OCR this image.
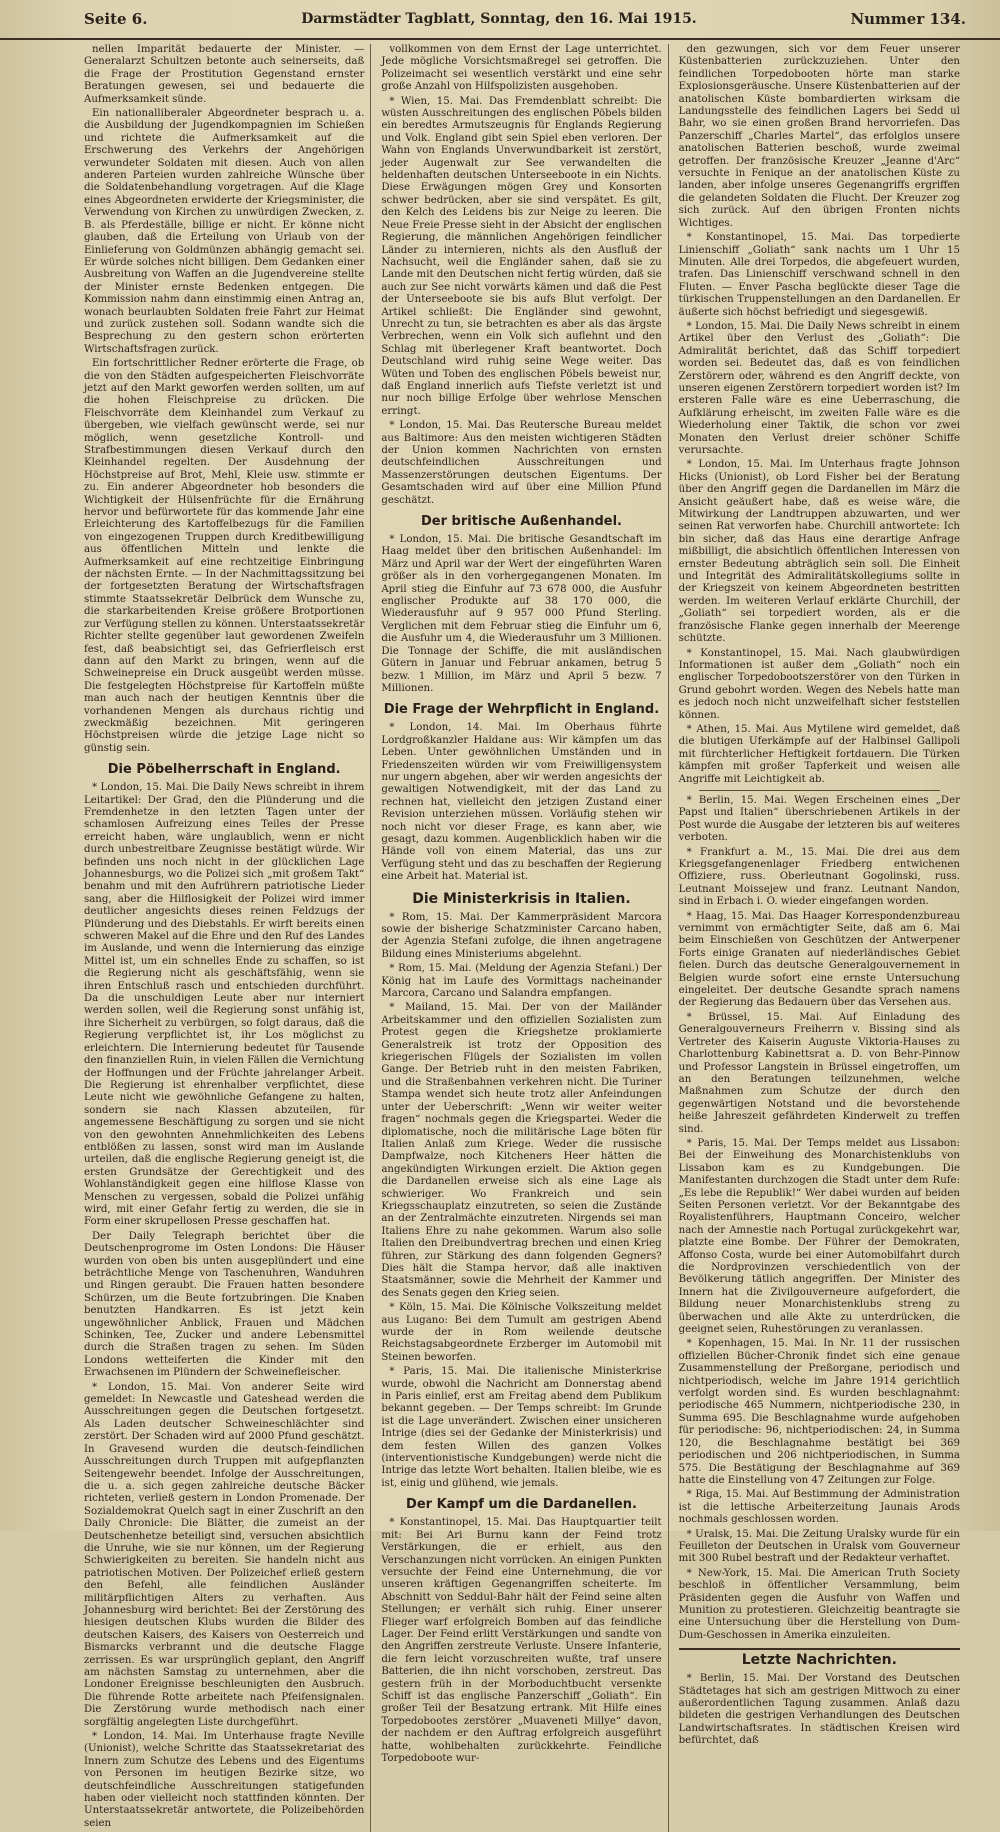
Seite 6.	Darmstädter Tagblatt, Sonntag, den 16. Mai 1915.	Nummer 134.

nellen Imparität bedauerte der Minister. — Generalarzt Schultzen betonte auch seinerseits, daß die Frage der Prostitution Gegenstand ernster Beratungen gewesen, sei und bedauerte die Aufmerksamkeit sünde.

Ein nationalliberaler Abgeordneter besprach u. a. die Ausbildung der Jugendkompagnien im Schießen und richtete die Aufmerksamkeit auf die Erschwerung des Verkehrs der Angehörigen verwundeter Soldaten mit diesen. Auch von allen anderen Parteien wurden zahlreiche Wünsche über die Soldatenbehandlung vorgetragen. Auf die Klage eines Abgeordneten erwiderte der Kriegsminister, die Verwendung von Kirchen zu unwürdigen Zwecken, z. B. als Pferdeställe, billige er nicht. Er könne nicht glauben, daß die Erteilung von Urlaub von der Einlieferung von Goldmünzen abhängig gemacht sei. Er würde solches nicht billigen. Dem Gedanken einer Ausbreitung von Waffen an die Jugendvereine stellte der Minister ernste Bedenken entgegen. Die Kommission nahm dann einstimmig einen Antrag an, wonach beurlaubten Soldaten freie Fahrt zur Heimat und zurück zustehen soll. Sodann wandte sich die Besprechung zu den gestern schon erörterten Wirtschaftsfragen zurück.

Ein fortschrittlicher Redner erörterte die Frage, ob die von den Städten aufgespeicherten Fleischvorräte jetzt auf den Markt geworfen werden sollten, um auf die hohen Fleischpreise zu drücken. Die Fleischvorräte dem Kleinhandel zum Verkauf zu übergeben, wie vielfach gewünscht werde, sei nur möglich, wenn gesetzliche Kontroll- und Strafbestimmungen diesen Verkauf durch den Kleinhandel regelten. Der Ausdehnung der Höchstpreise auf Brot, Mehl, Kleie usw. stimmte er zu. Ein anderer Abgeordneter hob besonders die Wichtigkeit der Hülsenfrüchte für die Ernährung hervor und befürwortete für das kommende Jahr eine Erleichterung des Kartoffelbezugs für die Familien von eingezogenen Truppen durch Kreditbewilligung aus öffentlichen Mitteln und lenkte die Aufmerksamkeit auf eine rechtzeitige Einbringung der nächsten Ernte. — In der Nachmittagssitzung bei der fortgesetzten Beratung der Wirtschaftsfragen stimmte Staatssekretär Delbrück dem Wunsche zu, die starkarbeitenden Kreise größere Brotportionen zur Verfügung stellen zu können. Unterstaatssekretär Richter stellte gegenüber laut gewordenen Zweifeln fest, daß beabsichtigt sei, das Gefrierfleisch erst dann auf den Markt zu bringen, wenn auf die Schweinepreise ein Druck ausgeübt werden müsse. Die festgelegten Höchstpreise für Kartoffeln müßte man auch nach der heutigen Kenntnis über die vorhandenen Mengen als durchaus richtig und zweckmäßig bezeichnen. Mit geringeren Höchstpreisen würde die jetzige Lage nicht so günstig sein.

Die Pöbelherrschaft in England.

* London, 15. Mai. Die Daily News schreibt in ihrem Leitartikel: Der Grad, den die Plünderung und die Fremdenhetze in den letzten Tagen unter der schamlosen Aufreizung eines Teiles der Presse erreicht haben, wäre unglaublich, wenn er nicht durch unbestreitbare Zeugnisse bestätigt würde. Wir befinden uns noch nicht in der glücklichen Lage Johannesburgs, wo die Polizei sich „mit großem Takt“ benahm und mit den Aufrührern patriotische Lieder sang, aber die Hilflosigkeit der Polizei wird immer deutlicher angesichts dieses reinen Feldzugs der Plünderung und des Diebstahls. Er wirft bereits einen schweren Makel auf die Ehre und den Ruf des Landes im Auslande, und wenn die Internierung das einzige Mittel ist, um ein schnelles Ende zu schaffen, so ist die Regierung nicht als geschäftsfähig, wenn sie ihren Entschluß rasch und entschieden durchführt. Da die unschuldigen Leute aber nur interniert werden sollen, weil die Regierung sonst unfähig ist, ihre Sicherheit zu verbürgen, so folgt daraus, daß die Regierung verpflichtet ist, ihr Los möglichst zu erleichtern. Die Internierung bedeutet für Tausende den finanziellen Ruin, in vielen Fällen die Vernichtung der Hoffnungen und der Früchte jahrelanger Arbeit. Die Regierung ist ehrenhalber verpflichtet, diese Leute nicht wie gewöhnliche Gefangene zu halten, sondern sie nach Klassen abzuteilen, für angemessene Beschäftigung zu sorgen und sie nicht von den gewohnten Annehmlichkeiten des Lebens entblößen zu lassen, sonst wird man im Auslande urteilen, daß die englische Regierung geneigt ist, die ersten Grundsätze der Gerechtigkeit und des Wohlanständigkeit gegen eine hilflose Klasse von Menschen zu vergessen, sobald die Polizei unfähig wird, mit einer Gefahr fertig zu werden, die sie in Form einer skrupellosen Presse geschaffen hat.

Der Daily Telegraph berichtet über die Deutschenprogrome im Osten Londons: Die Häuser wurden von oben bis unten ausgeplündert und eine beträchtliche Menge von Taschenuhren, Wanduhren und Ringen geraubt. Die Frauen hatten besondere Schürzen, um die Beute fortzubringen. Die Knaben benutzten Handkarren. Es ist jetzt kein ungewöhnlicher Anblick, Frauen und Mädchen Schinken, Tee, Zucker und andere Lebensmittel durch die Straßen tragen zu sehen. Im Süden Londons wetteiferten die Kinder mit den Erwachsenen im Plündern der Schweinefleischer.

* London, 15. Mai. Von anderer Seite wird gemeldet: In Newcastle und Gateshead werden die Ausschreitungen gegen die Deutschen fortgesetzt. Als Laden deutscher Schweineschlächter sind zerstört. Der Schaden wird auf 2000 Pfund geschätzt. In Gravesend wurden die deutsch-feindlichen Ausschreitungen durch Truppen mit aufgepflanzten Seitengewehr beendet. Infolge der Ausschreitungen, die u. a. sich gegen zahlreiche deutsche Bäcker richteten, verließ gestern in London Promenade. Der Sozialdemokrat Quelch sagt in einer Zuschrift an den Daily Chronicle: Die Blätter, die zumeist an der Deutschenhetze beteiligt sind, versuchen absichtlich die Unruhe, wie sie nur können, um der Regierung Schwierigkeiten zu bereiten. Sie handeln nicht aus patriotischen Motiven. Der Polizeichef erließ gestern den Befehl, alle feindlichen Ausländer militärpflichtigen Alters zu verhaften. Aus Johannesburg wird berichtet: Bei der Zerstörung des hiesigen deutschen Klubs wurden die Bilder des deutschen Kaisers, des Kaisers von Oesterreich und Bismarcks verbrannt und die deutsche Flagge zerrissen. Es war ursprünglich geplant, den Angriff am nächsten Samstag zu unternehmen, aber die Londoner Ereignisse beschleunigten den Ausbruch. Die führende Rotte arbeitete nach Pfeifensignalen. Die Zerstörung wurde methodisch nach einer sorgfältig angelegten Liste durchgeführt.

* London, 14. Mai. Im Unterhause fragte Neville (Unionist), welche Schritte das Staatssekretariat des Innern zum Schutze des Lebens und des Eigentums von Personen im heutigen Bezirke sitze, wo deutschfeindliche Ausschreitungen statigefunden haben oder vielleicht noch stattfinden könnten. Der Unterstaatssekretär antwortete, die Polizeibehörden seien

vollkommen von dem Ernst der Lage unterrichtet. Jede mögliche Vorsichtsmaßregel sei getroffen. Die Polizeimacht sei wesentlich verstärkt und eine sehr große Anzahl von Hilfspolizisten ausgehoben.

* Wien, 15. Mai. Das Fremdenblatt schreibt: Die wüsten Ausschreitungen des englischen Pöbels bilden ein beredtes Armutszeugnis für Englands Regierung und Volk. England gibt sein Spiel eben verloren. Der Wahn von Englands Unverwundbarkeit ist zerstört, jeder Augenwalt zur See verwandelten die heldenhaften deutschen Unterseeboote in ein Nichts. Diese Erwägungen mögen Grey und Konsorten schwer bedrücken, aber sie sind verspätet. Es gilt, den Kelch des Leidens bis zur Neige zu leeren. Die Neue Freie Presse sieht in der Absicht der englischen Regierung, die männlichen Angehörigen feindlicher Länder zu internieren, nichts als den Ausfluß der Nachsucht, weil die Engländer sahen, daß sie zu Lande mit den Deutschen nicht fertig würden, daß sie auch zur See nicht vorwärts kämen und daß die Pest der Unterseeboote sie bis aufs Blut verfolgt. Der Artikel schließt: Die Engländer sind gewohnt, Unrecht zu tun, sie betrachten es aber als das ärgste Verbrechen, wenn ein Volk sich auflehnt und den Schlag mit überlegener Kraft beantwortet. Doch Deutschland wird ruhig seine Wege weiter. Das Wüten und Toben des englischen Pöbels beweist nur, daß England innerlich aufs Tiefste verletzt ist und nur noch billige Erfolge über wehrlose Menschen erringt.

* London, 15. Mai. Das Reutersche Bureau meldet aus Baltimore: Aus den meisten wichtigeren Städten der Union kommen Nachrichten von ernsten deutschfeindlichen Ausschreitungen und Massenzerstörungen deutschen Eigentums. Der Gesamtschaden wird auf über eine Million Pfund geschätzt.

Der britische Außenhandel.

* London, 15. Mai. Die britische Gesandtschaft im Haag meldet über den britischen Außenhandel: Im März und April war der Wert der eingeführten Waren größer als in den vorhergegangenen Monaten. Im April stieg die Einfuhr auf 73 678 000, die Ausfuhr englischer Produkte auf 38 170 000, die Wiederausfuhr auf 9 957 000 Pfund Sterling. Verglichen mit dem Februar stieg die Einfuhr um 6, die Ausfuhr um 4, die Wiederausfuhr um 3 Millionen. Die Tonnage der Schiffe, die mit ausländischen Gütern in Januar und Februar ankamen, betrug 5 bezw. 1 Million, im März und April 5 bezw. 7 Millionen.

Die Frage der Wehrpflicht in England.

* London, 14. Mai. Im Oberhaus führte Lordgroßkanzler Haldane aus: Wir kämpfen um das Leben. Unter gewöhnlichen Umständen und in Friedenszeiten würden wir vom Freiwilligensystem nur ungern abgehen, aber wir werden angesichts der gewaltigen Notwendigkeit, mit der das Land zu rechnen hat, vielleicht den jetzigen Zustand einer Revision unterziehen müssen. Vorläufig stehen wir noch nicht vor dieser Frage, es kann aber, wie gesagt, dazu kommen. Augenblicklich haben wir die Hände voll von einem Material, das uns zur Verfügung steht und das zu beschaffen der Regierung eine Arbeit hat. Material ist.

Die Ministerkrisis in Italien.

* Rom, 15. Mai. Der Kammerpräsident Marcora sowie der bisherige Schatzminister Carcano haben, der Agenzia Stefani zufolge, die ihnen angetragene Bildung eines Ministeriums abgelehnt.

* Rom, 15. Mai. (Meldung der Agenzia Stefani.) Der König hat im Laufe des Vormittags nacheinander Marcora, Carcano und Salandra empfangen.

* Mailand, 15. Mai. Der von der Mailänder Arbeitskammer und den offiziellen Sozialisten zum Protest gegen die Kriegshetze proklamierte Generalstreik ist trotz der Opposition des kriegerischen Flügels der Sozialisten im vollen Gange. Der Betrieb ruht in den meisten Fabriken, und die Straßenbahnen verkehren nicht. Die Turiner Stampa wendet sich heute trotz aller Anfeindungen unter der Ueberschrift: „Wenn wir weiter weiter fragen“ nochmals gegen die Kriegspartei. Weder die diplomatische, noch die militärische Lage böten für Italien Anlaß zum Kriege. Weder die russische Dampfwalze, noch Kitcheners Heer hätten die angekündigten Wirkungen erzielt. Die Aktion gegen die Dardanellen erweise sich als eine Lage als schwieriger. Wo Frankreich und sein Kriegsschauplatz einzutreten, so seien die Zustände an der Zentralmächte einzutreten. Nirgends sei man Italiens Ehre zu nahe gekommen. Warum also solle Italien den Dreibundvertrag brechen und einen Krieg führen, zur Stärkung des dann folgenden Gegners? Dies hält die Stampa hervor, daß alle inaktiven Staatsmänner, sowie die Mehrheit der Kammer und des Senats gegen den Krieg seien.

* Köln, 15. Mai. Die Kölnische Volkszeitung meldet aus Lugano: Bei dem Tumult am gestrigen Abend wurde der in Rom weilende deutsche Reichstagsabgeordnete Erzberger im Automobil mit Steinen beworfen.

* Paris, 15. Mai. Die italienische Ministerkrise wurde, obwohl die Nachricht am Donnerstag abend in Paris einlief, erst am Freitag abend dem Publikum bekannt gegeben. — Der Temps schreibt: Im Grunde ist die Lage unverändert. Zwischen einer unsicheren Intrige (dies sei der Gedanke der Ministerkrisis) und dem festen Willen des ganzen Volkes (interventionistische Kundgebungen) werde nicht die Intrige das letzte Wort behalten. Italien bleibe, wie es ist, einig und glühend, wie jemals.

Der Kampf um die Dardanellen.

* Konstantinopel, 15. Mai. Das Hauptquartier teilt mit: Bei Ari Burnu kann der Feind trotz Verstärkungen, die er erhielt, aus den Verschanzungen nicht vorrücken. An einigen Punkten versuchte der Feind eine Unternehmung, die vor unseren kräftigen Gegenangriffen scheiterte. Im Abschnitt von Seddul-Bahr hält der Feind seine alten Stellungen; er verhält sich ruhig. Einer unserer Flieger warf erfolgreich Bomben auf das feindliche Lager. Der Feind erlitt Verstärkungen und sandte von den Angriffen zerstreute Verluste. Unsere Infanterie, die fern leicht vorzuschreiten wußte, traf unsere Batterien, die ihn nicht vorschoben, zerstreut. Das gestern früh in der Morboduchtbucht versenkte Schiff ist das englische Panzerschiff „Goliath“. Ein großer Teil der Besatzung ertrank. Mit Hilfe eines Torpedobootes zerstörer „Muaveneti Millye“ davon, der nachdem er den Auftrag erfolgreich ausgeführt hatte, wohlbehalten zurückkehrte. Feindliche Torpedoboote wur-

den gezwungen, sich vor dem Feuer unserer Küstenbatterien zurückzuziehen. Unter den feindlichen Torpedobooten hörte man starke Explosionsgeräusche. Unsere Küstenbatterien auf der anatolischen Küste bombardierten wirksam die Landungsstelle des feindlichen Lagers bei Sedd ul Bahr, wo sie einen großen Brand hervorriefen. Das Panzerschiff „Charles Martel“, das erfolglos unsere anatolischen Batterien beschoß, wurde zweimal getroffen. Der französische Kreuzer „Jeanne d'Arc“ versuchte in Fenique an der anatolischen Küste zu landen, aber infolge unseres Gegenangriffs ergriffen die gelandeten Soldaten die Flucht. Der Kreuzer zog sich zurück. Auf den übrigen Fronten nichts Wichtiges.

* Konstantinopel, 15. Mai. Das torpedierte Linienschiff „Goliath“ sank nachts um 1 Uhr 15 Minuten. Alle drei Torpedos, die abgefeuert wurden, trafen. Das Linienschiff verschwand schnell in den Fluten. — Enver Pascha beglückte dieser Tage die türkischen Truppenstellungen an den Dardanellen. Er äußerte sich höchst befriedigt und siegesgewiß.

* London, 15. Mai. Die Daily News schreibt in einem Artikel über den Verlust des „Goliath“: Die Admiralität berichtet, daß das Schiff torpediert worden sei. Bedeutet das, daß es von feindlichen Zerstörern oder, während es den Angriff deckte, von unseren eigenen Zerstörern torpediert worden ist? Im ersteren Falle wäre es eine Ueberraschung, die Aufklärung erheischt, im zweiten Falle wäre es die Wiederholung einer Taktik, die schon vor zwei Monaten den Verlust dreier schöner Schiffe verursachte.

* London, 15. Mai. Im Unterhaus fragte Johnson Hicks (Unionist), ob Lord Fisher bei der Beratung über den Angriff gegen die Dardanellen im März die Ansicht geäußert habe, daß es weise wäre, die Mitwirkung der Landtruppen abzuwarten, und wer seinen Rat verworfen habe. Churchill antwortete: Ich bin sicher, daß das Haus eine derartige Anfrage mißbilligt, die absichtlich öffentlichen Interessen von ernster Bedeutung abträglich sein soll. Die Einheit und Integrität des Admiralitätskollegiums sollte in der Kriegszeit von keinem Abgeordneten bestritten werden. Im weiteren Verlauf erklärte Churchill, der „Goliath“ sei torpediert worden, als er die französische Flanke gegen innerhalb der Meerenge schützte.

* Konstantinopel, 15. Mai. Nach glaubwürdigen Informationen ist außer dem „Goliath“ noch ein englischer Torpedobootszerstörer von den Türken in Grund gebohrt worden. Wegen des Nebels hatte man es jedoch noch nicht unzweifelhaft sicher feststellen können.

* Athen, 15. Mai. Aus Mytilene wird gemeldet, daß die blutigen Uferkämpfe auf der Halbinsel Gallipoli mit fürchterlicher Heftigkeit fortdauern. Die Türken kämpfen mit großer Tapferkeit und weisen alle Angriffe mit Leichtigkeit ab.

* Berlin, 15. Mai. Wegen Erscheinen eines „Der Papst und Italien“ überschriebenen Artikels in der Post wurde die Ausgabe der letzteren bis auf weiteres verboten.

* Frankfurt a. M., 15. Mai. Die drei aus dem Kriegsgefangenenlager Friedberg entwichenen Offiziere, russ. Oberleutnant Gogolinski, russ. Leutnant Moissejew und franz. Leutnant Nandon, sind in Erbach i. O. wieder eingefangen worden.

* Haag, 15. Mai. Das Haager Korrespondenzbureau vernimmt von ermächtigter Seite, daß am 6. Mai beim Einschießen von Geschützen der Antwerpener Forts einige Granaten auf niederländisches Gebiet fielen. Durch das deutsche Generalgouvernement in Belgien wurde sofort eine ernste Untersuchung eingeleitet. Der deutsche Gesandte sprach namens der Regierung das Bedauern über das Versehen aus.

* Brüssel, 15. Mai. Auf Einladung des Generalgouverneurs Freiherrn v. Bissing sind als Vertreter des Kaiserin Auguste Viktoria-Hauses zu Charlottenburg Kabinettsrat a. D. von Behr-Pinnow und Professor Langstein in Brüssel eingetroffen, um an den Beratungen teilzunehmen, welche Maßnahmen zum Schutze der durch den gegenwärtigen Notstand und die bevorstehende heiße Jahreszeit gefährdeten Kinderwelt zu treffen sind.

* Paris, 15. Mai. Der Temps meldet aus Lissabon: Bei der Einweihung des Monarchistenklubs von Lissabon kam es zu Kundgebungen. Die Manifestanten durchzogen die Stadt unter dem Rufe: „Es lebe die Republik!“ Wer dabei wurden auf beiden Seiten Personen verletzt. Vor der Bekanntgabe des Royalistenführers, Hauptmann Conceiro, welcher nach der Amnestie nach Portugal zurückgekehrt war, platzte eine Bombe. Der Führer der Demokraten, Affonso Costa, wurde bei einer Automobilfahrt durch die Nordprovinzen verschiedentlich von der Bevölkerung tätlich angegriffen. Der Minister des Innern hat die Zivilgouverneure aufgefordert, die Bildung neuer Monarchistenklubs streng zu überwachen und alle Akte zu unterdrücken, die geeignet seien, Ruhestörungen zu veranlassen.

* Kopenhagen, 15. Mai. In Nr. 11 der russischen offiziellen Bücher-Chronik findet sich eine genaue Zusammenstellung der Preßorgane, periodisch und nichtperiodisch, welche im Jahre 1914 gerichtlich verfolgt worden sind. Es wurden beschlagnahmt: periodische 465 Nummern, nichtperiodische 230, in Summa 695. Die Beschlagnahme wurde aufgehoben für periodische: 96, nichtperiodischen: 24, in Summa 120, die Beschlagnahme bestätigt bei 369 periodischen und 206 nichtperiodischen, in Summa 575. Die Bestätigung der Beschlagnahme auf 369 hatte die Einstellung von 47 Zeitungen zur Folge.

* Riga, 15. Mai. Auf Bestimmung der Administration ist die lettische Arbeiterzeitung Jaunais Arods nochmals geschlossen worden.

* Uralsk, 15. Mai. Die Zeitung Uralsky wurde für ein Feuilleton der Deutschen in Uralsk vom Gouverneur mit 300 Rubel bestraft und der Redakteur verhaftet.

* New-York, 15. Mai. Die American Truth Society beschloß in öffentlicher Versammlung, beim Präsidenten gegen die Ausfuhr von Waffen und Munition zu protestieren. Gleichzeitig beantragte sie eine Untersuchung über die Herstellung von Dum-Dum-Geschossen in Amerika einzuleiten.

Letzte Nachrichten.

* Berlin, 15. Mai. Der Vorstand des Deutschen Städtetages hat sich am gestrigen Mittwoch zu einer außerordentlichen Tagung zusammen. Anlaß dazu bildeten die gestrigen Verhandlungen des Deutschen Landwirtschaftsrates. In städtischen Kreisen wird befürchtet, daß
